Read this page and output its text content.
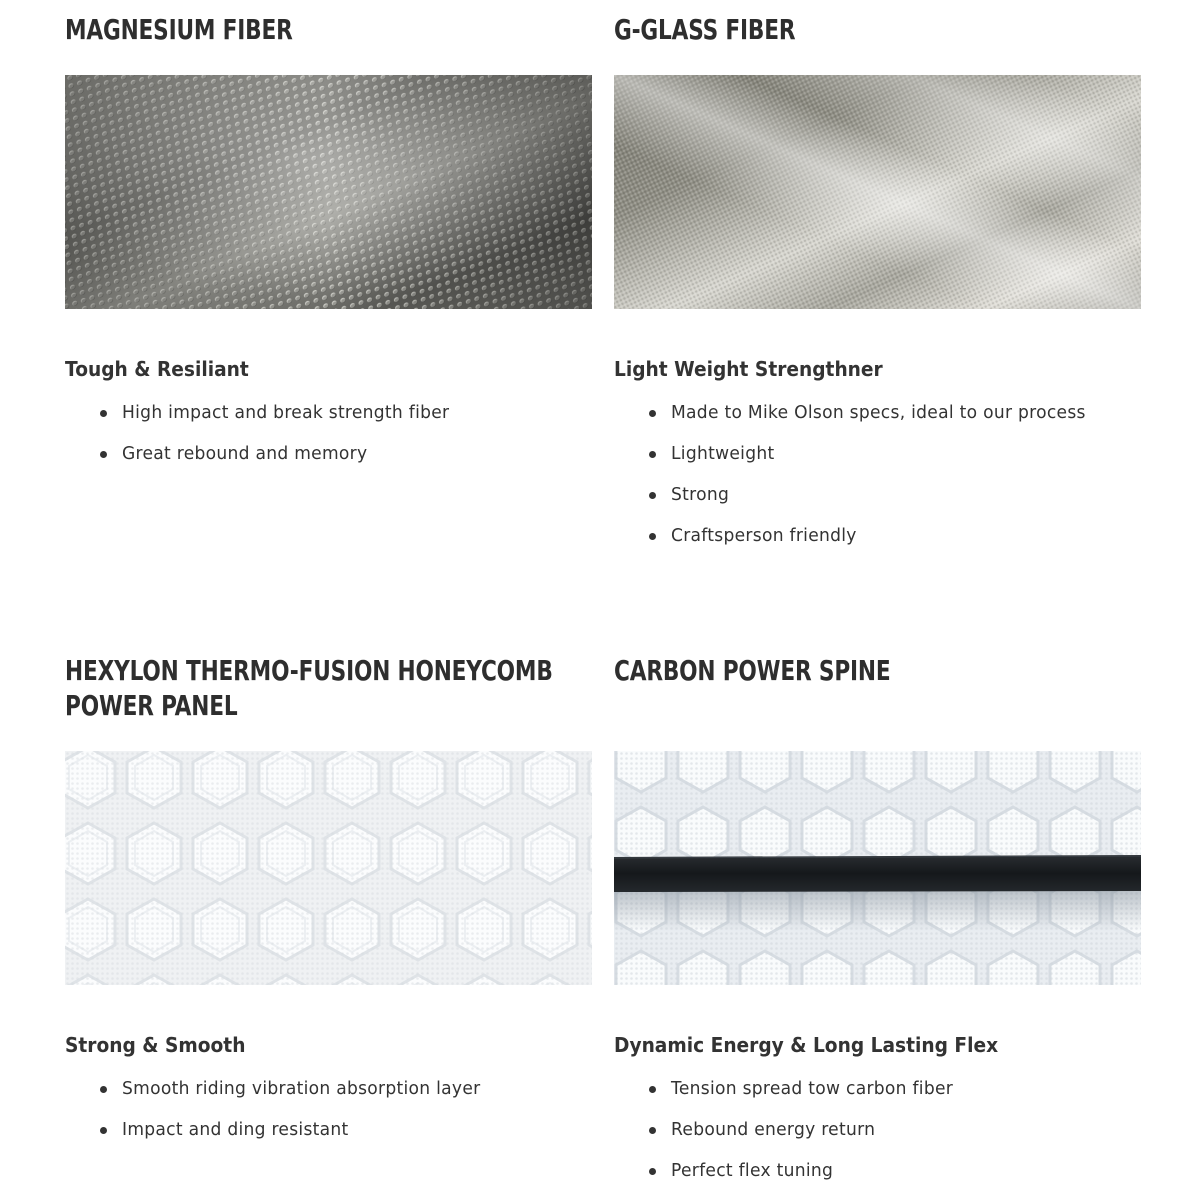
MAGNESIUM FIBER
Tough & Resiliant
High impact and break strength fiber
Great rebound and memory
G-GLASS FIBER
Light Weight Strengthner
Made to Mike Olson specs, ideal to our process
Lightweight
Strong
Craftsperson friendly
HEXYLON THERMO-FUSION HONEYCOMB
POWER PANEL
Strong & Smooth
Smooth riding vibration absorption layer
Impact and ding resistant
CARBON POWER SPINE
Dynamic Energy & Long Lasting Flex
Tension spread tow carbon fiber
Rebound energy return
Perfect flex tuning
